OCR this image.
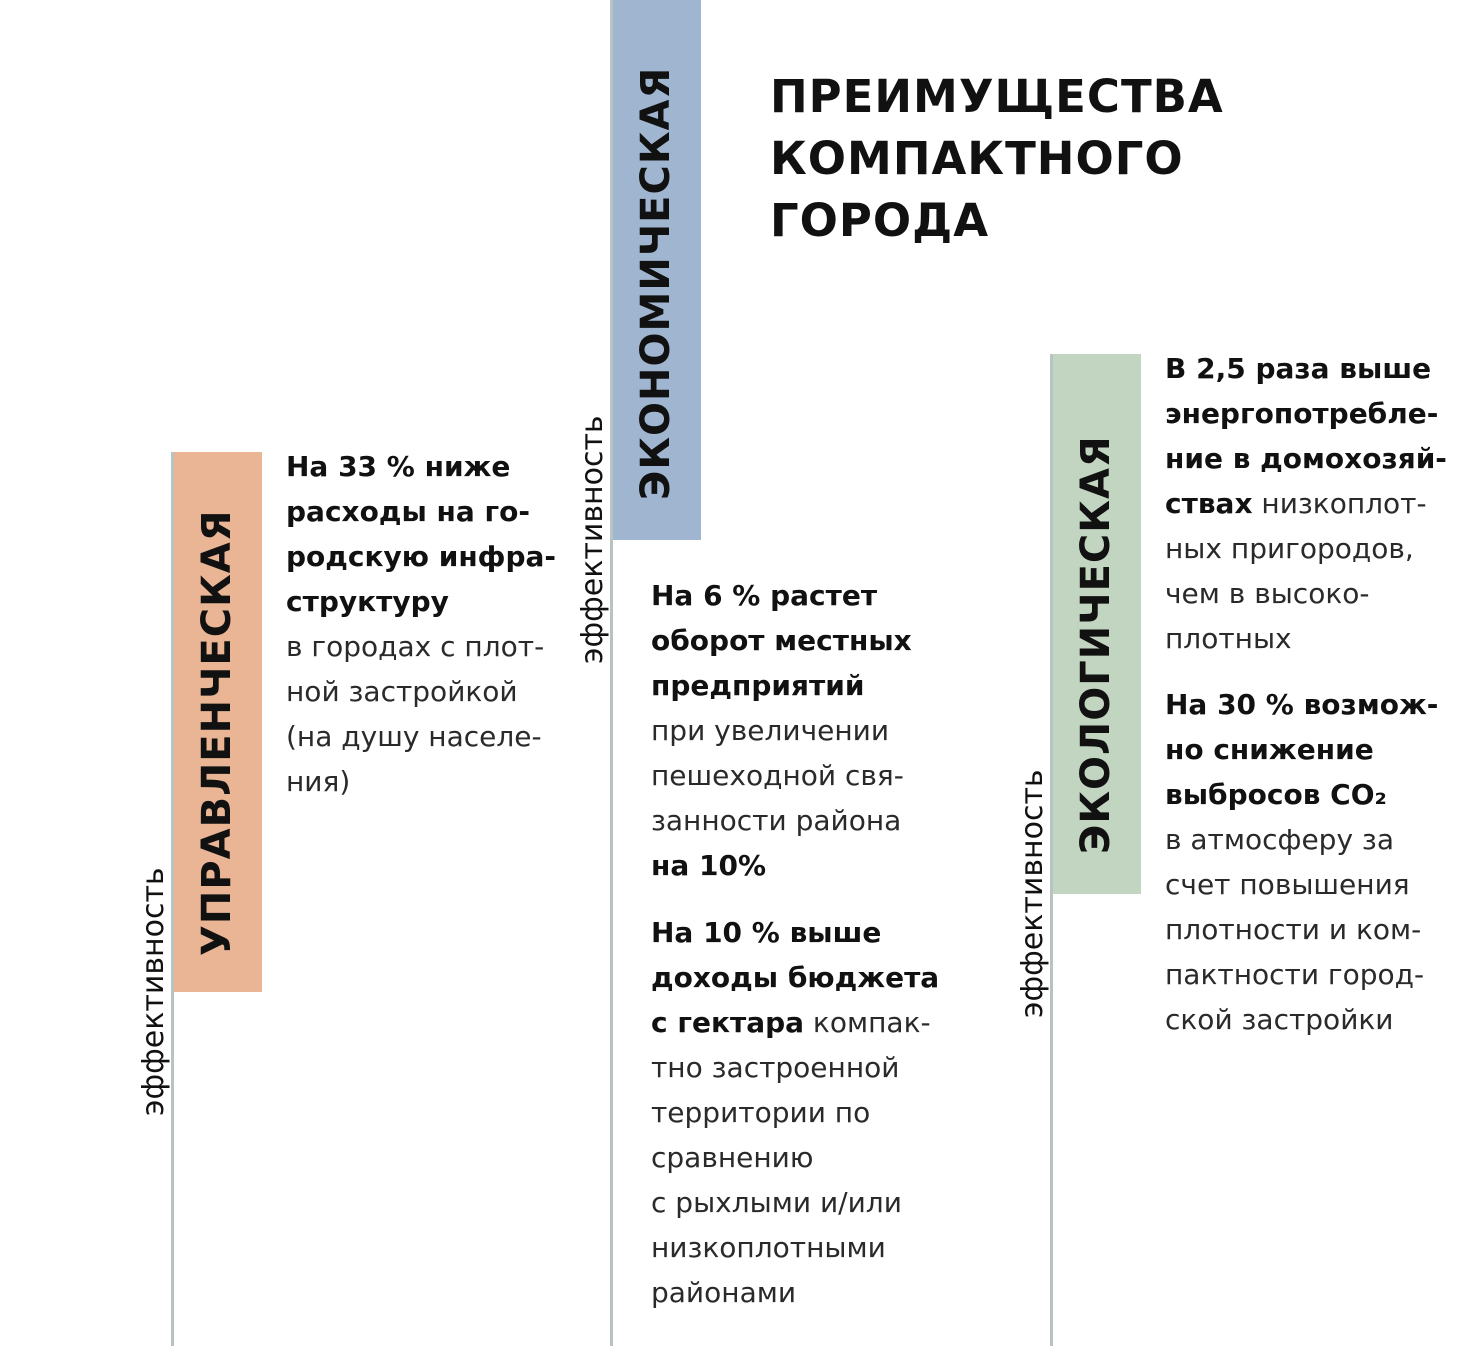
ПРЕИМУЩЕСТВА
КОМПАКТНОГО
ГОРОДА
УПРАВЛЕНЧЕСКАЯ
эффективность
На 33 % ниже
расходы на го-
родскую инфра-
структуру
в городах с плот-
ной застройкой
(на душу населе-
ния)
ЭКОНОМИЧЕСКАЯ
эффективность На 6 % растет
оборот местных
предприятий
при увеличении
пешеходной свя-
занности района
на 10%
На 10 % выше
доходы бюджета
с гектара компак-
тно застроенной
территории по
сравнению
с рыхлыми и/или
низкоплотными
районами
ЭКОЛОГИЧЕСКАЯ
эффективность
В 2,5 раза выше
энергопотребле-
ние в домохозяй-
ствах низкоплот-
ных пригородов,
чем в высоко-
плотных
На 30 % возмож-
но снижение
выбросов CO₂
в атмосферу за
счет повышения
плотности и ком-
пактности город-
ской застройки
